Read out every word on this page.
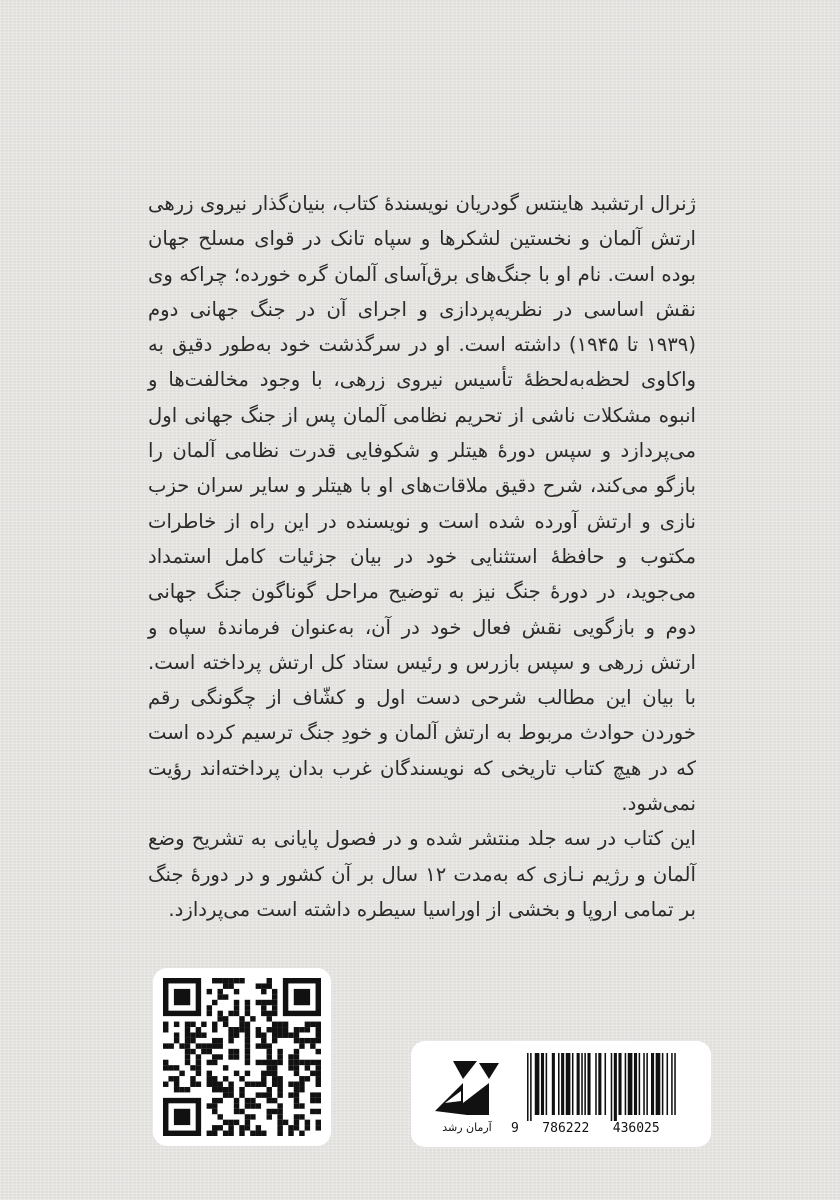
ژنرال ارتشبد هاینتس گودریان نویسندهٔ کتاب، بنیان‌گذار نیروی زرهی ارتش آلمان و نخستین لشکرها و سپاه تانک در قوای مسلح جهان بوده است. نام او با جنگ‌های برق‌آسای آلمان گره خورده؛ چراکه وی نقش اساسی در نظریه‌پردازی و اجرای آن در جنگ جهانی دوم (۱۹۳۹ تا ۱۹۴۵) داشته است. او در سرگذشت خود به‌طور دقیق به واکاوی لحظه‌به‌لحظهٔ تأسیس نیروی زرهی، با وجود مخالفت‌ها و انبوه مشکلات ناشی از تحریم نظامی آلمان پس از جنگ جهانی اول می‌پردازد و سپس دورهٔ هیتلر و شکوفایی قدرت نظامی آلمان را بازگو می‌کند، شرح دقیق ملاقات‌های او با هیتلر و سایر سران حزب نازی و ارتش آورده شده است و نویسنده در این راه از خاطرات مکتوب و حافظهٔ استثنایی خود در بیان جزئیات کامل استمداد می‌جوید، در دورهٔ جنگ نیز به توضیح مراحل گوناگون جنگ جهانی دوم و بازگویی نقش فعال خود در آن، به‌عنوان فرماندهٔ سپاه و ارتش زرهی و سپس بازرس و رئیس ستاد کل ارتش پرداخته است. با بیان این مطالب شرحی دست اول و کشّاف از چگونگی رقم خوردن حوادث مربوط به ارتش آلمان و خودِ جنگ ترسیم کرده است که در هیچ کتاب تاریخی که نویسندگان غرب بدان پرداخته‌اند رؤیت نمی‌شود.

این کتاب در سه جلد منتشر شده و در فصول پایانی به تشریح وضع آلمان و رژیم نـازی که به‌مدت ۱۲ سال بر آن کشور و در دورهٔ جنگ بر تمامی اروپا و بخشی از اوراسیا سیطره داشته است می‌پردازد.

آرمان رشد	9   786222   436025
